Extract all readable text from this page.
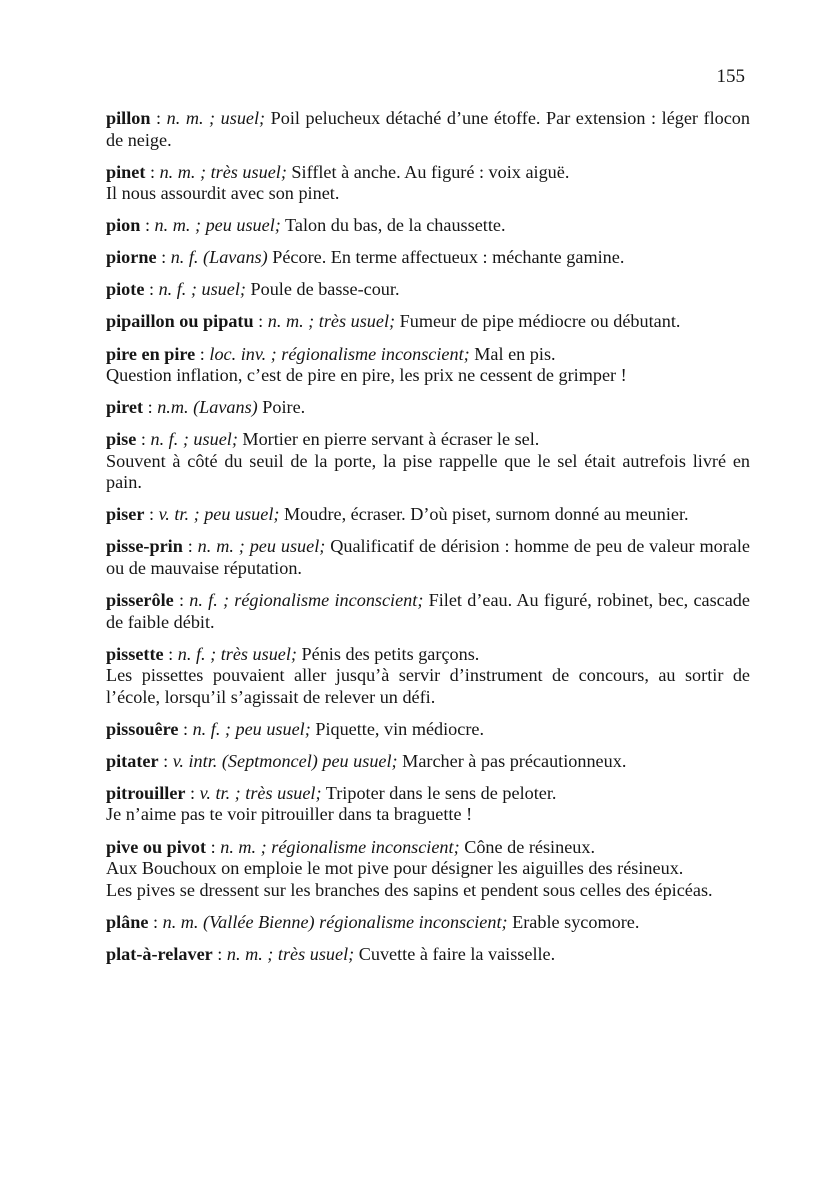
155

pillon : n. m. ; usuel; Poil pelucheux détaché d’une étoffe. Par extension : léger flocon de neige.

pinet : n. m. ; très usuel; Sifflet à anche. Au figuré : voix aiguë.

Il nous assourdit avec son pinet.

pion : n. m. ; peu usuel; Talon du bas, de la chaussette.

piorne : n. f. (Lavans) Pécore. En terme affectueux : méchante gamine.

piote : n. f. ; usuel; Poule de basse-cour.

pipaillon ou pipatu : n. m. ; très usuel; Fumeur de pipe médiocre ou débutant.

pire en pire : loc. inv. ; régionalisme inconscient; Mal en pis.

Question inflation, c’est de pire en pire, les prix ne cessent de grimper !

piret : n.m. (Lavans) Poire.

pise : n. f. ; usuel; Mortier en pierre servant à écraser le sel.

Souvent à côté du seuil de la porte, la pise rappelle que le sel était autrefois livré en pain.

piser : v. tr. ; peu usuel; Moudre, écraser. D’où piset, surnom donné au meunier.

pisse-prin : n. m. ; peu usuel; Qualificatif de dérision : homme de peu de valeur morale ou de mauvaise réputation.

pisserôle : n. f. ; régionalisme inconscient; Filet d’eau. Au figuré, robinet, bec, cascade de faible débit.

pissette : n. f. ; très usuel; Pénis des petits garçons.

Les pissettes pouvaient aller jusqu’à servir d’instrument de concours, au sortir de l’école, lorsqu’il s’agissait de relever un défi.

pissouêre : n. f. ; peu usuel; Piquette, vin médiocre.

pitater : v. intr. (Septmoncel) peu usuel; Marcher à pas précautionneux.

pitrouiller : v. tr. ; très usuel; Tripoter dans le sens de peloter.

Je n’aime pas te voir pitrouiller dans ta braguette !

pive ou pivot : n. m. ; régionalisme inconscient; Cône de résineux.

Aux Bouchoux on emploie le mot pive pour désigner les aiguilles des résineux.

Les pives se dressent sur les branches des sapins et pendent sous celles des épicéas.

plâne : n. m. (Vallée Bienne) régionalisme inconscient; Erable sycomore.

plat-à-relaver : n. m. ; très usuel; Cuvette à faire la vaisselle.
